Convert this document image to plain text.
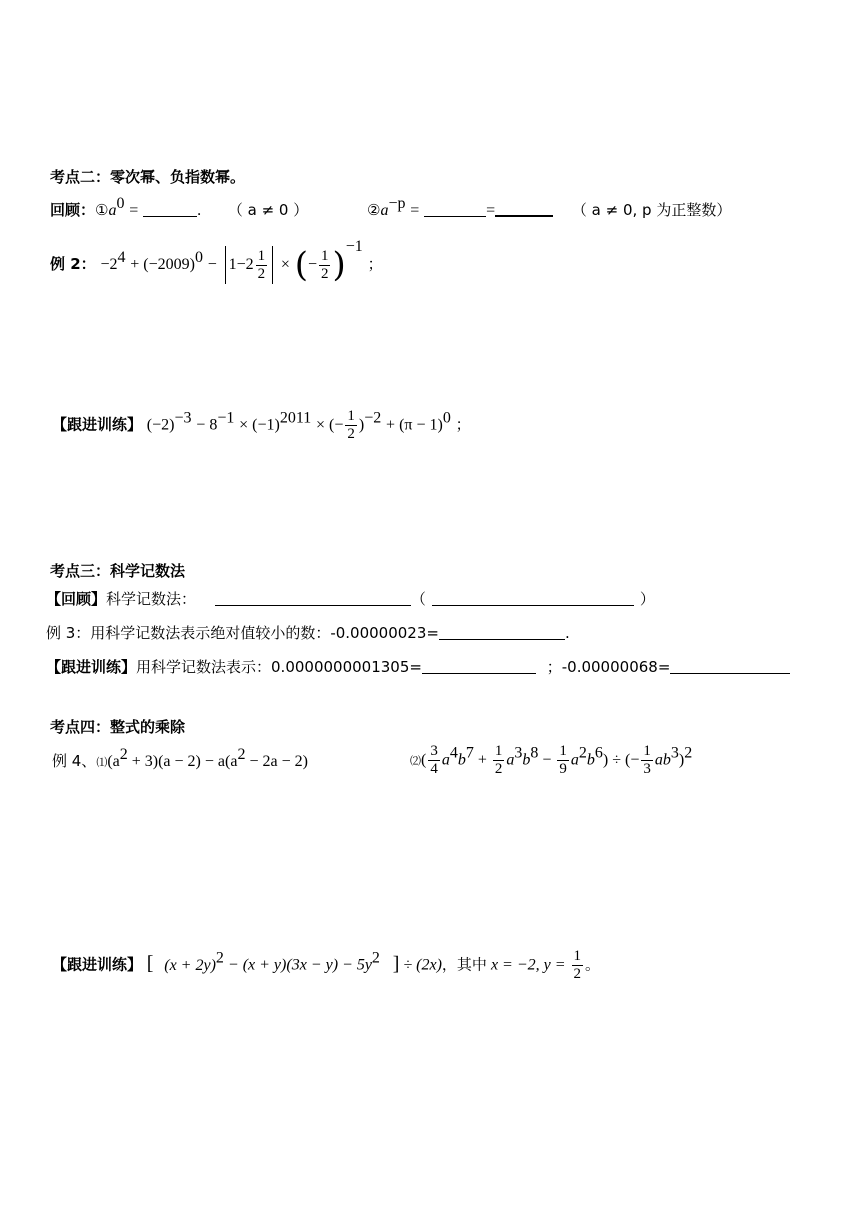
考点二：零次幂、负指数幂。
回顾：$①a^0$ =	. （ a ≠ 0 ）	$②a^{-p}$ =	=	（ a ≠ 0, p 为正整数）
例 2： $-2^4 + (-2009)^0 - 1-2 \frac{1}{2}$ × (− $\frac{1}{2} )^{-1}$ ；
【跟进训练】 $(-2)^{-3} - 8^{-1} \times (-1)^{2011}$ × (− $\frac{1}{2} )^{-2} + (\pi - 1)^0$ ；
考点三：科学记数法
【回顾】科学记数法：	（	）
例 3：用科学记数法表示绝对值较小的数：-0.00000023=	.
【跟进训练】用科学记数法表示：0.0000000001305=	；-0.00000068=
考点四：整式的乘除
例 4、$⑴(a^2 + 3)(a - 2) - a(a^2 - 2a - 2)$	⑵( $\frac{3}{4} a^4b^7 + \frac{1}{2} a^3b^8 - \frac{1}{9} a^2b^6$) ÷ (− $\frac{1}{3} ab^3)^2$
【跟进训练】 [ $(x + 2y)^2 - (x + y)(3x - y) - 5y^2$ ] ÷ (2x)，其中 x = −2, $y = \frac{1}{2}$ 。
